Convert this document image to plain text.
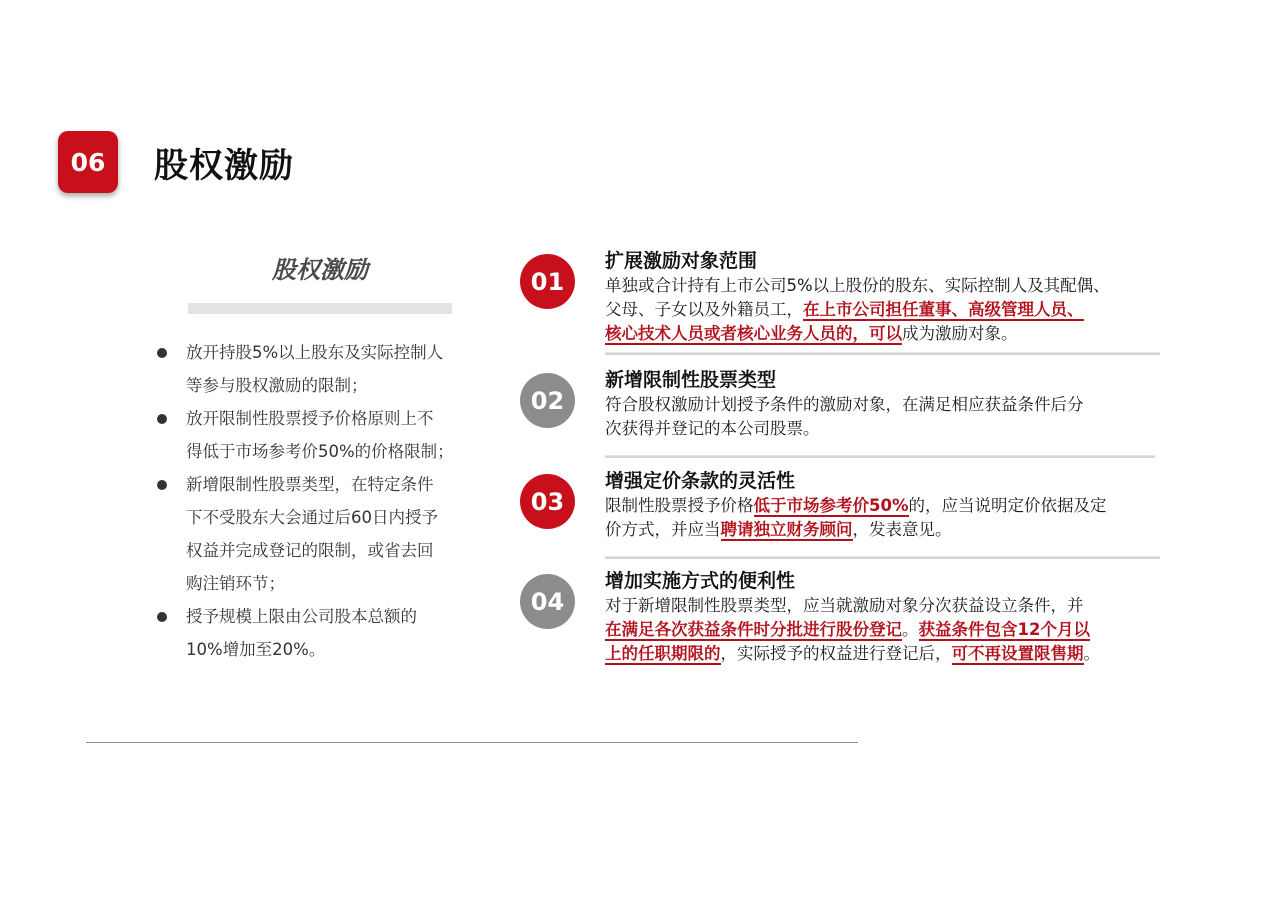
06	股权激励
股权激励
放开持股5%以上股东及实际控制人
等参与股权激励的限制；
放开限制性股票授予价格原则上不
得低于市场参考价50%的价格限制；
新增限制性股票类型，在特定条件
下不受股东大会通过后60日内授予
权益并完成登记的限制，或省去回
购注销环节；
授予规模上限由公司股本总额的
10%增加至20%。
01
扩展激励对象范围
单独或合计持有上市公司5%以上股份的股东、实际控制人及其配偶、
父母、子女以及外籍员工，在上市公司担任董事、高级管理人员、
核心技术人员或者核心业务人员的，可以成为激励对象。
02
新增限制性股票类型
符合股权激励计划授予条件的激励对象，在满足相应获益条件后分
次获得并登记的本公司股票。
03
增强定价条款的灵活性
限制性股票授予价格低于市场参考价50%的，应当说明定价依据及定
价方式，并应当聘请独立财务顾问，发表意见。
04
增加实施方式的便利性
对于新增限制性股票类型，应当就激励对象分次获益设立条件，并
在满足各次获益条件时分批进行股份登记。获益条件包含12个月以
上的任职期限的，实际授予的权益进行登记后，可不再设置限售期。
